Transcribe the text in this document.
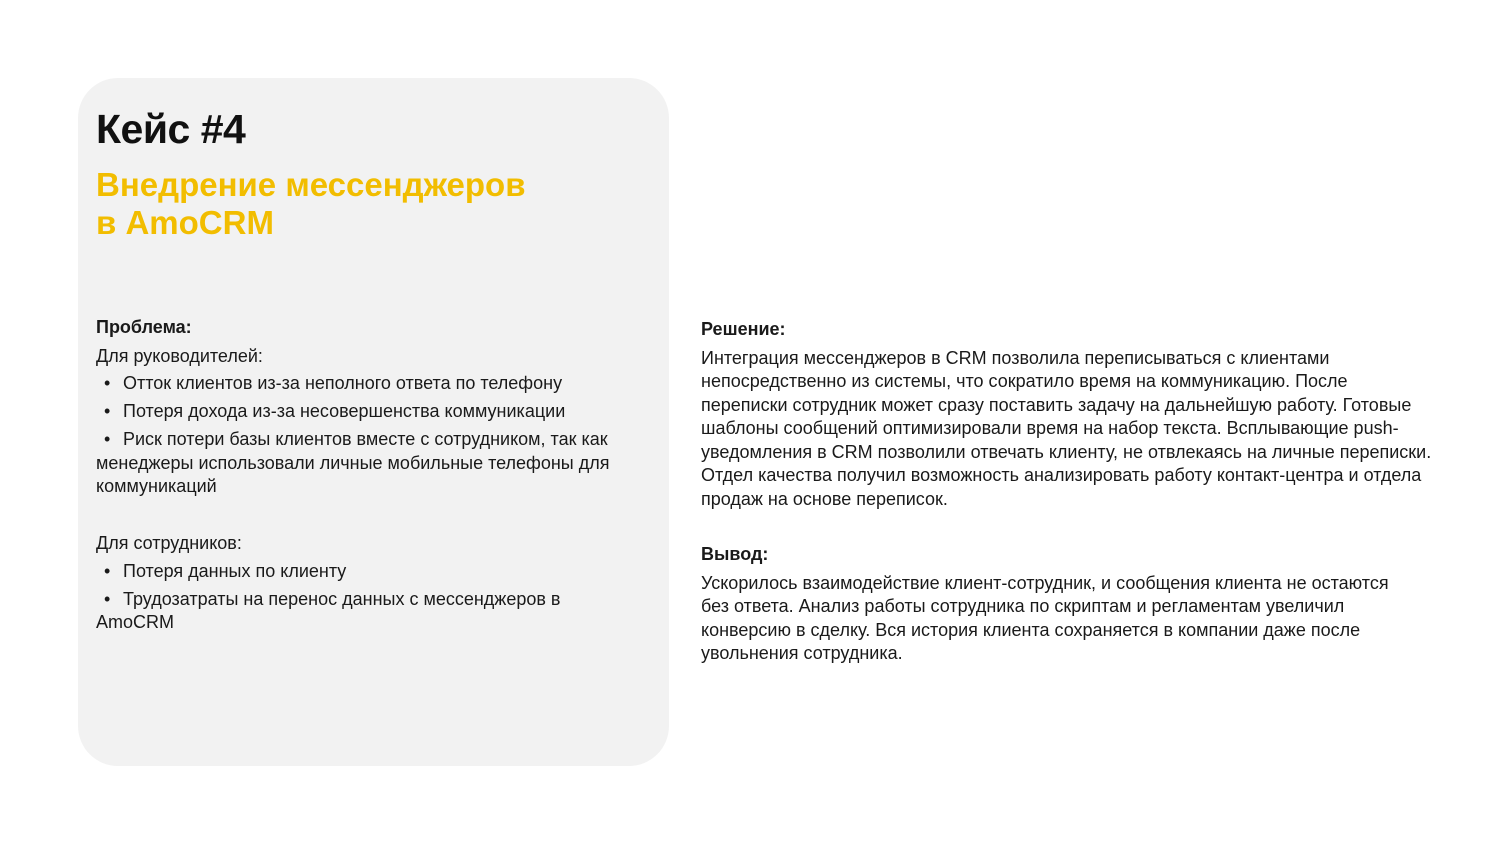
Кейс #4
Внедрение мессенджеров
в AmoCRM

Проблема:

Для руководителей:

• Отток клиентов из-за неполного ответа по телефону
• Потеря дохода из-за несовершенства коммуникации
• Риск потери базы клиентов вместе с сотрудником, так как менеджеры использовали личные мобильные телефоны для коммуникаций

Для сотрудников:

• Потеря данных по клиенту
• Трудозатраты на перенос данных с мессенджеров в AmoCRM

Решение:

Интеграция мессенджеров в CRM позволила переписываться с клиентами непосредственно из системы, что сократило время на коммуникацию. После переписки сотрудник может сразу поставить задачу на дальнейшую работу. Готовые шаблоны сообщений оптимизировали время на набор текста. Всплывающие push-уведомления в CRM позволили отвечать клиенту, не отвлекаясь на личные переписки. Отдел качества получил возможность анализировать работу контакт-центра и отдела продаж на основе переписок.

Вывод:

Ускорилось взаимодействие клиент-сотрудник, и сообщения клиента не остаются без ответа. Анализ работы сотрудника по скриптам и регламентам увеличил конверсию в сделку. Вся история клиента сохраняется в компании даже после увольнения сотрудника.
